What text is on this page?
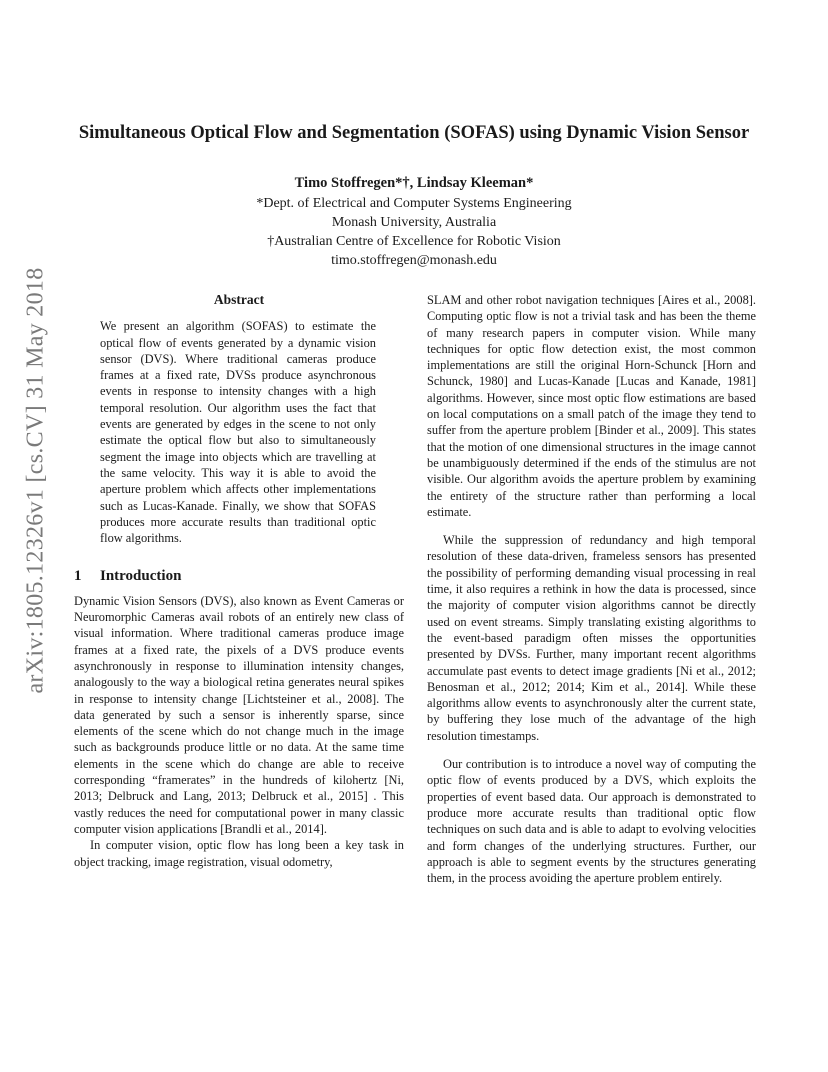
arXiv:1805.12326v1 [cs.CV] 31 May 2018
Simultaneous Optical Flow and Segmentation (SOFAS) using Dynamic Vision Sensor
Timo Stoffregen*†, Lindsay Kleeman*
*Dept. of Electrical and Computer Systems Engineering
Monash University, Australia
†Australian Centre of Excellence for Robotic Vision
timo.stoffregen@monash.edu
Abstract

We present an algorithm (SOFAS) to estimate the optical flow of events generated by a dynamic vision sensor (DVS). Where traditional cameras produce frames at a fixed rate, DVSs produce asynchronous events in response to intensity changes with a high temporal resolution. Our algorithm uses the fact that events are generated by edges in the scene to not only estimate the optical flow but also to simultaneously segment the image into objects which are travelling at the same velocity. This way it is able to avoid the aperture problem which affects other implementations such as Lucas-Kanade. Finally, we show that SOFAS produces more accurate results than traditional optic flow algorithms.

1 Introduction

Dynamic Vision Sensors (DVS), also known as Event Cameras or Neuromorphic Cameras avail robots of an entirely new class of visual information. Where traditional cameras produce image frames at a fixed rate, the pixels of a DVS produce events asynchronously in response to illumination intensity changes, analogously to the way a biological retina generates neural spikes in response to intensity change [Lichtsteiner et al., 2008]. The data generated by such a sensor is inherently sparse, since elements of the scene which do not change much in the image such as backgrounds produce little or no data. At the same time elements in the scene which do change are able to receive corresponding “framerates” in the hundreds of kilohertz [Ni, 2013; Delbruck and Lang, 2013; Delbruck et al., 2015] . This vastly reduces the need for computational power in many classic computer vision applications [Brandli et al., 2014].

In computer vision, optic flow has long been a key task in object tracking, image registration, visual odometry,

SLAM and other robot navigation techniques [Aires et al., 2008]. Computing optic flow is not a trivial task and has been the theme of many research papers in computer vision. While many techniques for optic flow detection exist, the most common implementations are still the original Horn-Schunck [Horn and Schunck, 1980] and Lucas-Kanade [Lucas and Kanade, 1981] algorithms. However, since most optic flow estimations are based on local computations on a small patch of the image they tend to suffer from the aperture problem [Binder et al., 2009]. This states that the motion of one dimensional structures in the image cannot be unambiguously determined if the ends of the stimulus are not visible. Our algorithm avoids the aperture problem by examining the entirety of the structure rather than performing a local estimate.

While the suppression of redundancy and high temporal resolution of these data-driven, frameless sensors has presented the possibility of performing demanding visual processing in real time, it also requires a rethink in how the data is processed, since the majority of computer vision algorithms cannot be directly used on event streams. Simply translating existing algorithms to the event-based paradigm often misses the opportunities presented by DVSs. Further, many important recent algorithms accumulate past events to detect image gradients [Ni et al., 2012; Benosman et al., 2012; 2014; Kim et al., 2014]. While these algorithms allow events to asynchronously alter the current state, by buffering they lose much of the advantage of the high resolution timestamps.

Our contribution is to introduce a novel way of computing the optic flow of events produced by a DVS, which exploits the properties of event based data. Our approach is demonstrated to produce more accurate results than traditional optic flow techniques on such data and is able to adapt to evolving velocities and form changes of the underlying structures. Further, our approach is able to segment events by the structures generating them, in the process avoiding the aperture problem entirely.
